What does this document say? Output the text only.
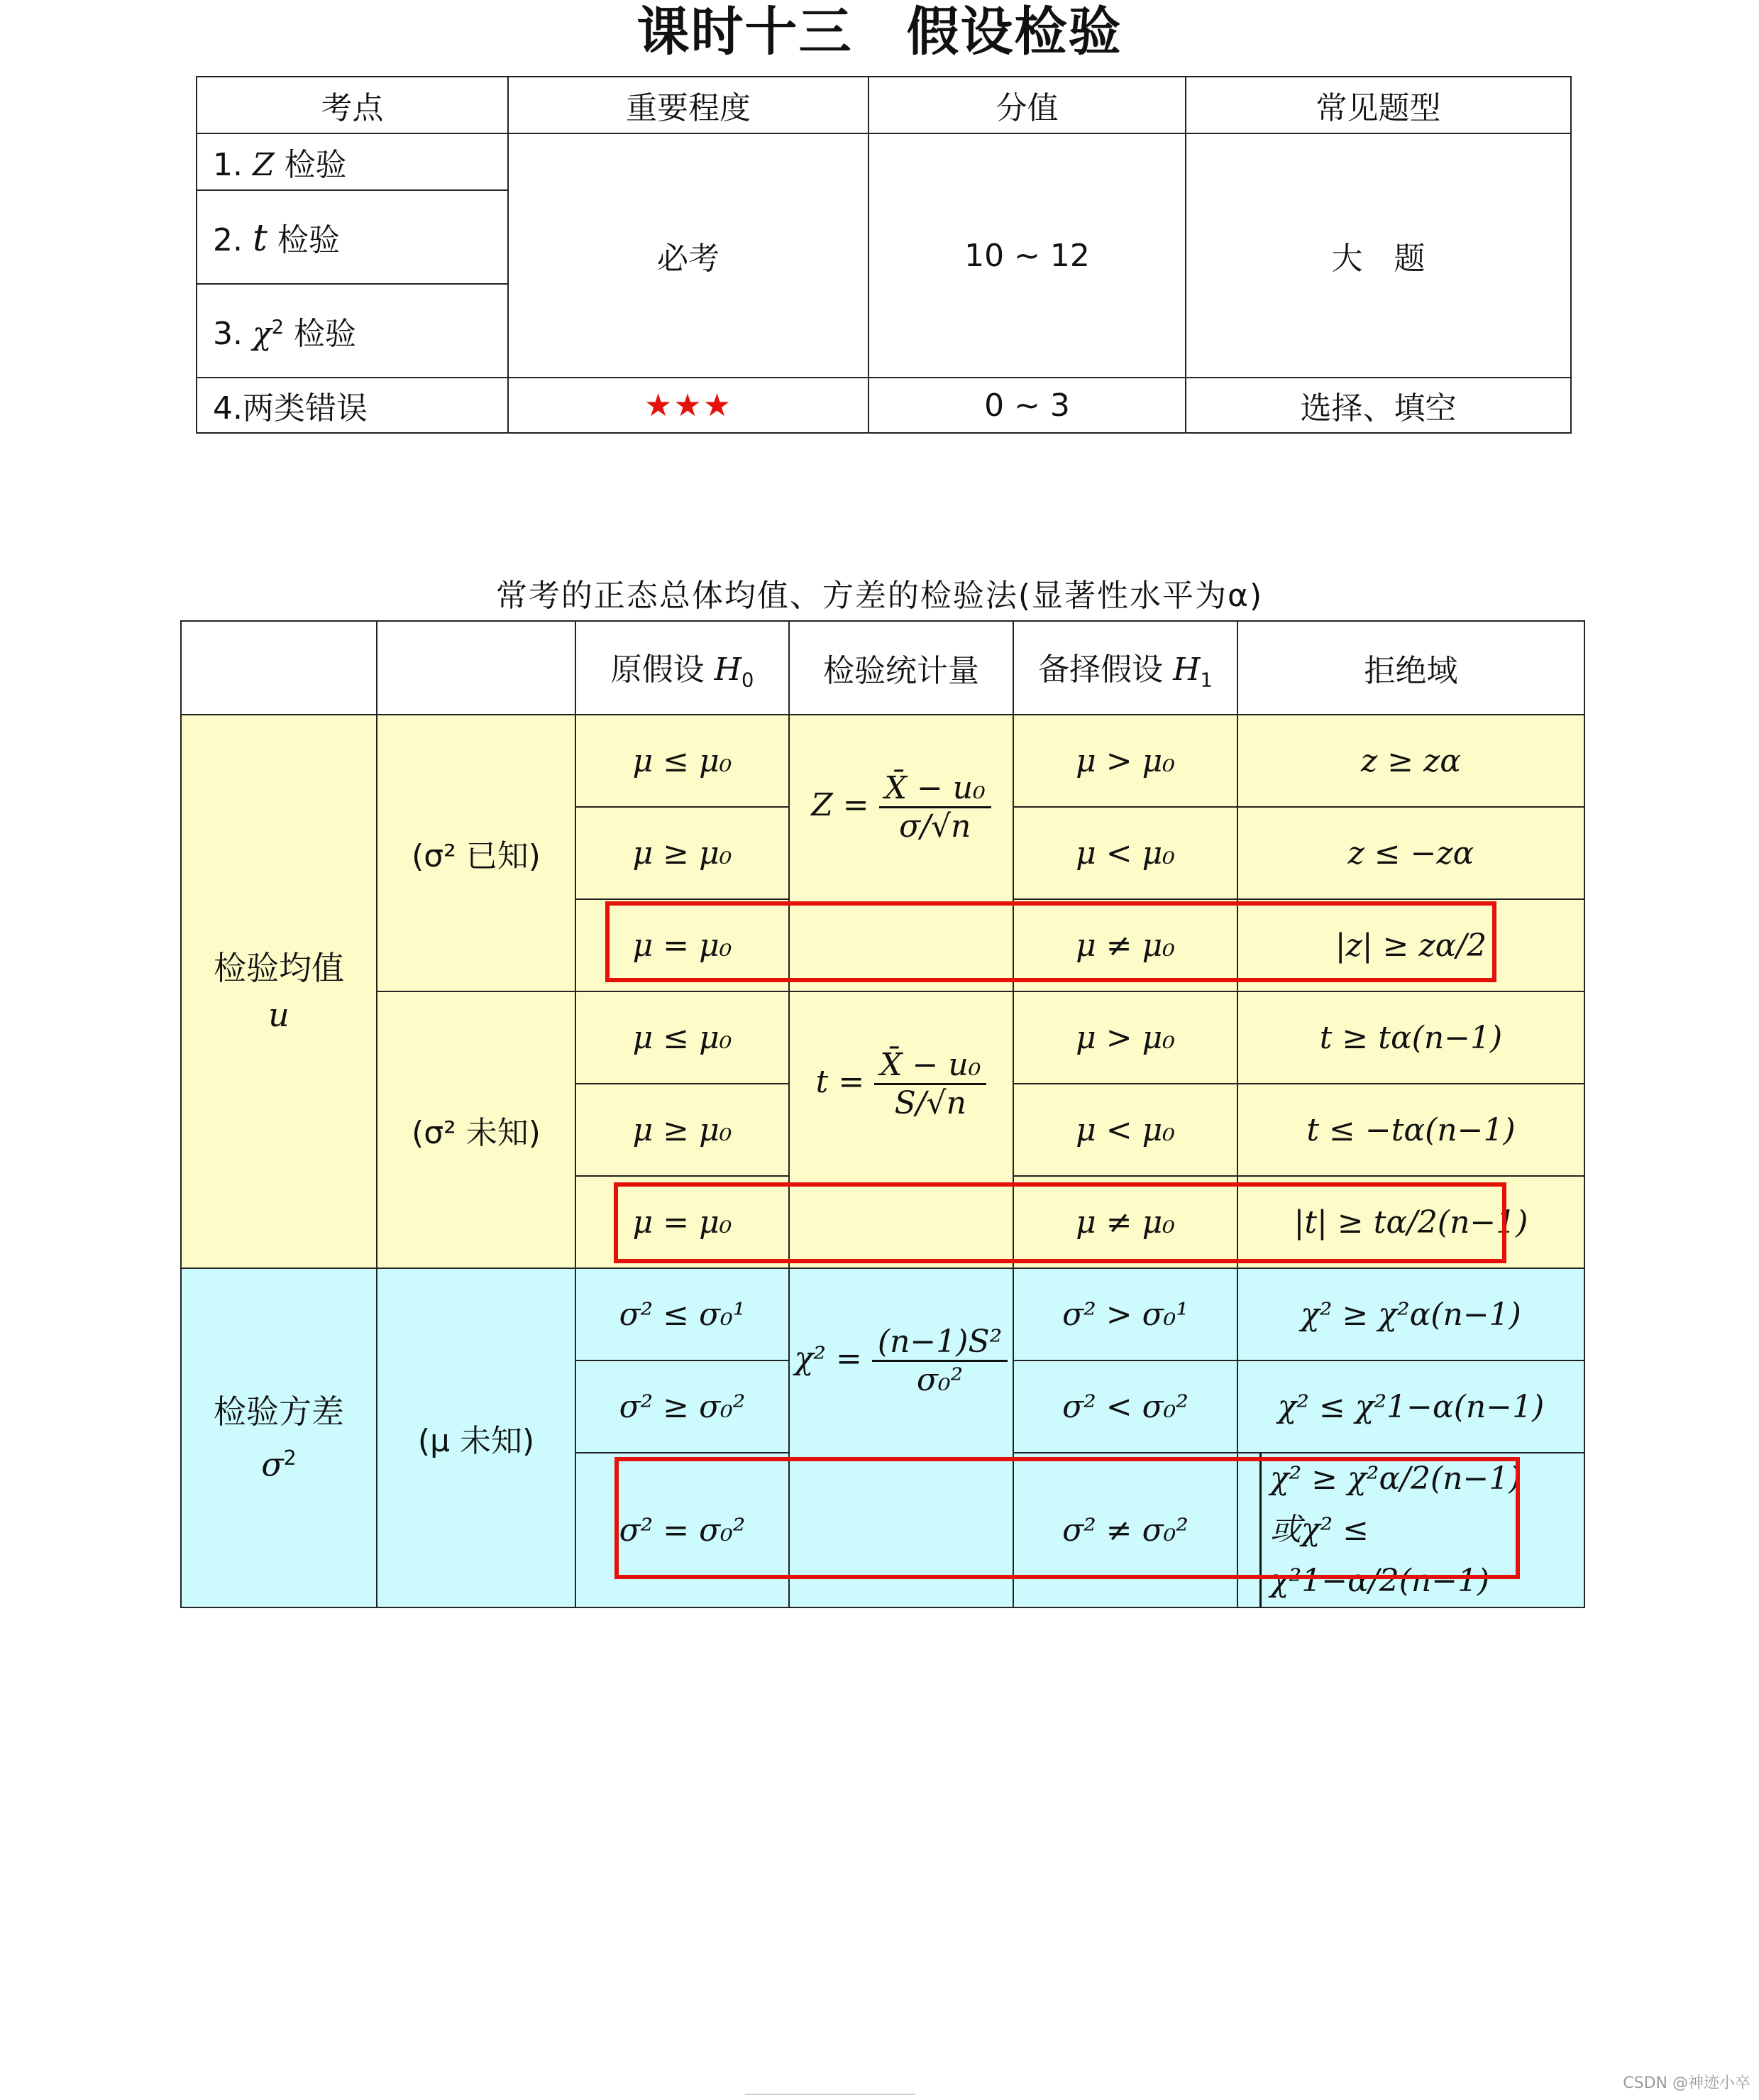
课时十三　假设检验
考点	重要程度	分值	常见题型
1. Z 检验	必考	10 ~ 12	大　题
2. t 检验			
3. $\chi^2$ 检验			
4.两类错误	★★★	0 ~ 3	选择、填空
常考的正态总体均值、方差的检验法(显著性水平为α)
		原假设 $H_0$	检验统计量	备择假设 $H_1$	拒绝域
检验均值
u	(σ² 已知)	μ ≤ μ₀	$Z = \frac{\text{X̄ − u₀}}{\sigma/√n}$	μ > μ₀	z ≥ zα
		μ ≥ μ₀		μ < μ₀	z ≤ −zα
		μ = μ₀		μ ≠ μ₀	|z| ≥ zα/2
	(σ² 未知)	μ ≤ μ₀	$t = \frac{\text{X̄ − u₀}}{S/√n}$	μ > μ₀	t ≥ tα(n−1)
		μ ≥ μ₀		μ < μ₀	t ≤ −tα(n−1)
		μ = μ₀		μ ≠ μ₀	|t| ≥ tα/2(n−1)
检验方差
$\sigma^2$	(μ 未知)	σ² ≤ σ₀¹	$\chi^2 = \frac{\text{(n−1)S²}}{\text{σ₀²}}$	σ² > σ₀¹	χ² ≥ χ²α(n−1)
		σ² ≥ σ₀²		σ² < σ₀²	χ² ≤ χ²1−α(n−1)
		σ² = σ₀²		σ² ≠ σ₀²	χ² ≥ χ²α/2(n−1)
或χ² ≤ χ²1−α/2(n−1)
CSDN @神迹小卒
